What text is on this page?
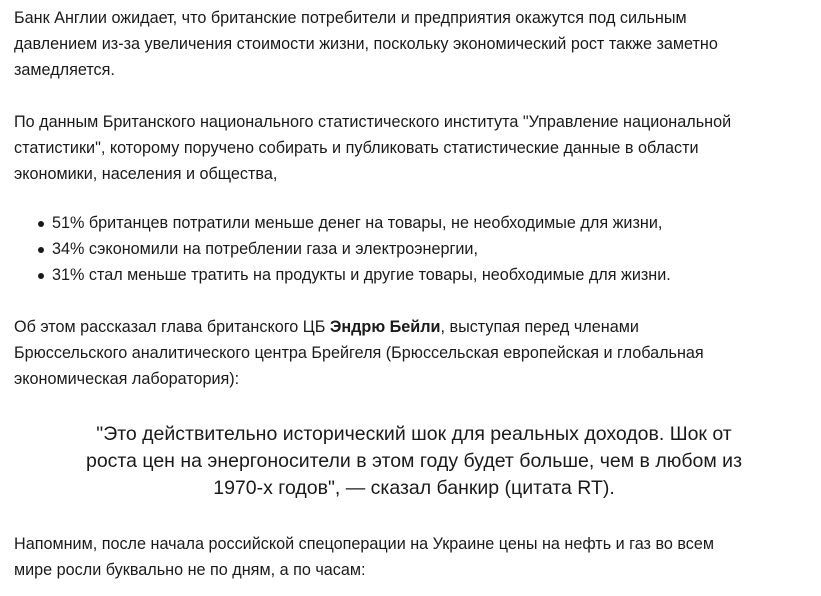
Банк Англии ожидает, что британские потребители и предприятия окажутся под сильным
давлением из-за увеличения стоимости жизни, поскольку экономический рост также заметно
замедляется.

По данным Британского национального статистического института "Управление национальной
статистики", которому поручено собирать и публиковать статистические данные в области
экономики, населения и общества,

51% британцев потратили меньше денег на товары, не необходимые для жизни,
34% сэкономили на потреблении газа и электроэнергии,
31% стал меньше тратить на продукты и другие товары, необходимые для жизни.

Об этом рассказал глава британского ЦБ Эндрю Бейли, выступая перед членами
Брюссельского аналитического центра Брейгеля (Брюссельская европейская и глобальная
экономическая лаборатория):

"Это действительно исторический шок для реальных доходов. Шок от
роста цен на энергоносители в этом году будет больше, чем в любом из
1970-х годов", — сказал банкир (цитата RT).

Напомним, после начала российской спецоперации на Украине цены на нефть и газ во всем
мире росли буквально не по дням, а по часам:
